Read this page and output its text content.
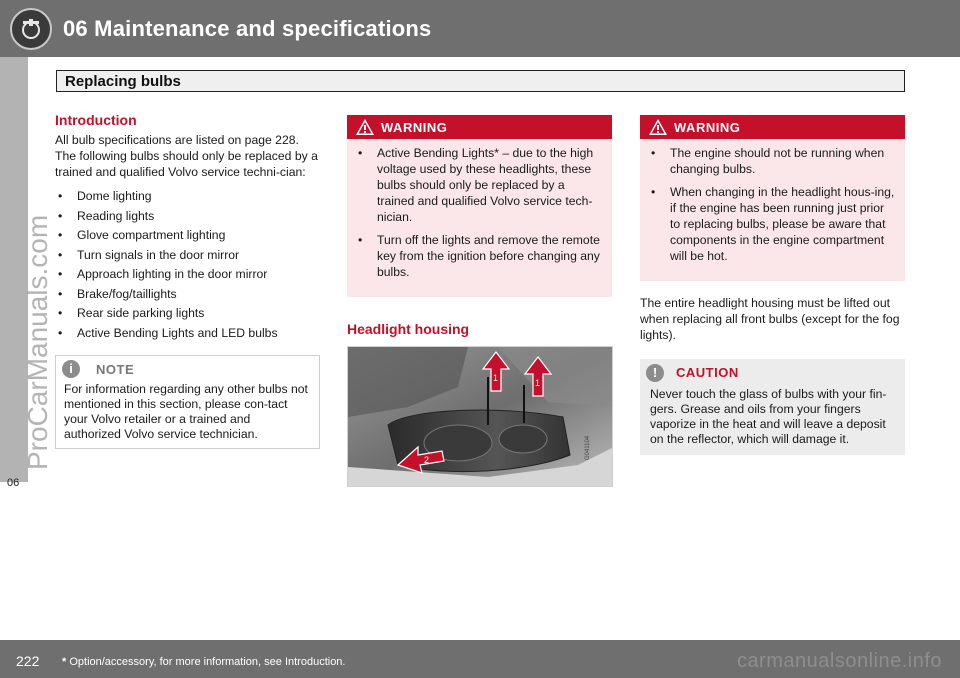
06 Maintenance and specifications
06
ProCarManuals.com
Replacing bulbs
Introduction
All bulb specifications are listed on page 228. The following bulbs should only be replaced by a trained and qualified Volvo service techni-cian:
• Dome lighting
• Reading lights
• Glove compartment lighting
• Turn signals in the door mirror
• Approach lighting in the door mirror
• Brake/fog/taillights
• Rear side parking lights
• Active Bending Lights and LED bulbs
i	NOTE
For information regarding any other bulbs not mentioned in this section, please con-tact your Volvo retailer or a trained and authorized Volvo service technician.
WARNING
• Active Bending Lights* – due to the high voltage used by these headlights, these bulbs should only be replaced by a trained and qualified Volvo service tech-nician.
• Turn off the lights and remove the remote key from the ignition before changing any bulbs.
Headlight housing
1	1
2	G041104
WARNING
• The engine should not be running when changing bulbs.
• When changing in the headlight hous-ing, if the engine has been running just prior to replacing bulbs, please be aware that components in the engine compartment will be hot.
The entire headlight housing must be lifted out when replacing all front bulbs (except for the fog lights).
!	CAUTION
Never touch the glass of bulbs with your fin-gers. Grease and oils from your fingers vaporize in the heat and will leave a deposit on the reflector, which will damage it.
222 * Option/accessory, for more information, see Introduction.	carmanualsonline.info
